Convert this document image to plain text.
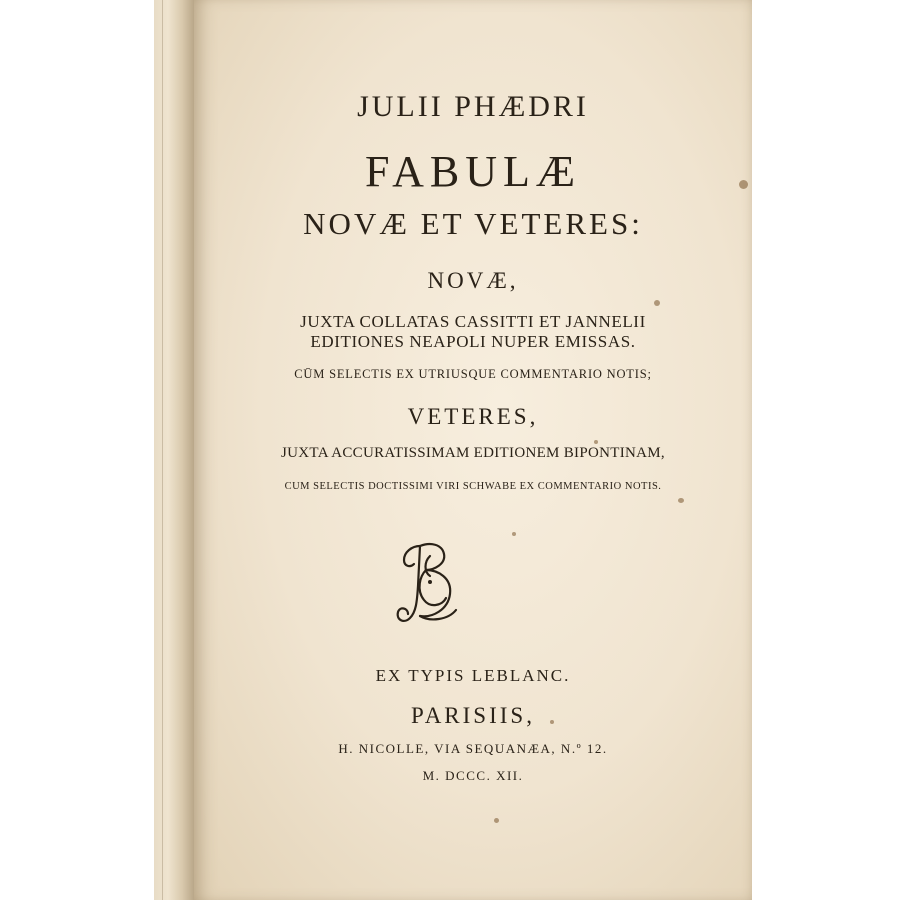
JULII PHÆDRI
FABULÆ
NOVÆ ET VETERES:
NOVÆ,
JUXTA COLLATAS CASSITTI ET JANNELII
EDITIONES NEAPOLI NUPER EMISSAS.
CŪM SELECTIS EX UTRIUSQUE COMMENTARIO NOTIS;
VETERES,
JUXTA ACCURATISSIMAM EDITIONEM BIPONTINAM,
CUM SELECTIS DOCTISSIMI VIRI SCHWABE EX COMMENTARIO NOTIS.
EX TYPIS LEBLANC.
PARISIIS,
H. NICOLLE, VIA SEQUANÆA, N.º 12.
M. DCCC. XII.
